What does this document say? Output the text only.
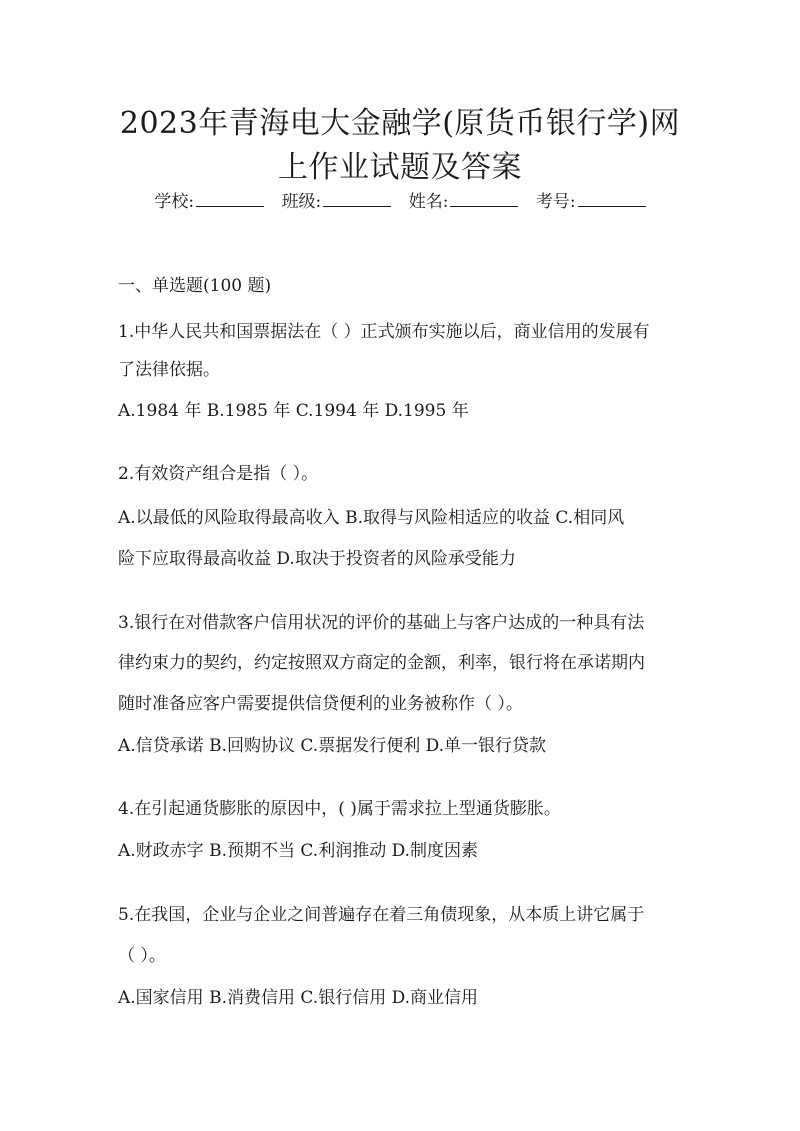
2023年青海电大金融学(原货币银行学)网
上作业试题及答案
学校:	班级:	姓名:	考号:
一、单选题(100 题)
1.中华人民共和国票据法在（ ）正式颁布实施以后，商业信用的发展有
了法律依据。
A.1984 年 B.1985 年 C.1994 年 D.1995 年
2.有效资产组合是指（ ）。
A.以最低的风险取得最高收入 B.取得与风险相适应的收益 C.相同风
险下应取得最高收益 D.取决于投资者的风险承受能力
3.银行在对借款客户信用状况的评价的基础上与客户达成的一种具有法
律约束力的契约，约定按照双方商定的金额，利率，银行将在承诺期内
随时准备应客户需要提供信贷便利的业务被称作（ ）。
A.信贷承诺 B.回购协议 C.票据发行便利 D.单一银行贷款
4.在引起通货膨胀的原因中，( )属于需求拉上型通货膨胀。
A.财政赤字 B.预期不当 C.利润推动 D.制度因素
5.在我国，企业与企业之间普遍存在着三角债现象，从本质上讲它属于
（ ）。
A.国家信用 B.消费信用 C.银行信用 D.商业信用
